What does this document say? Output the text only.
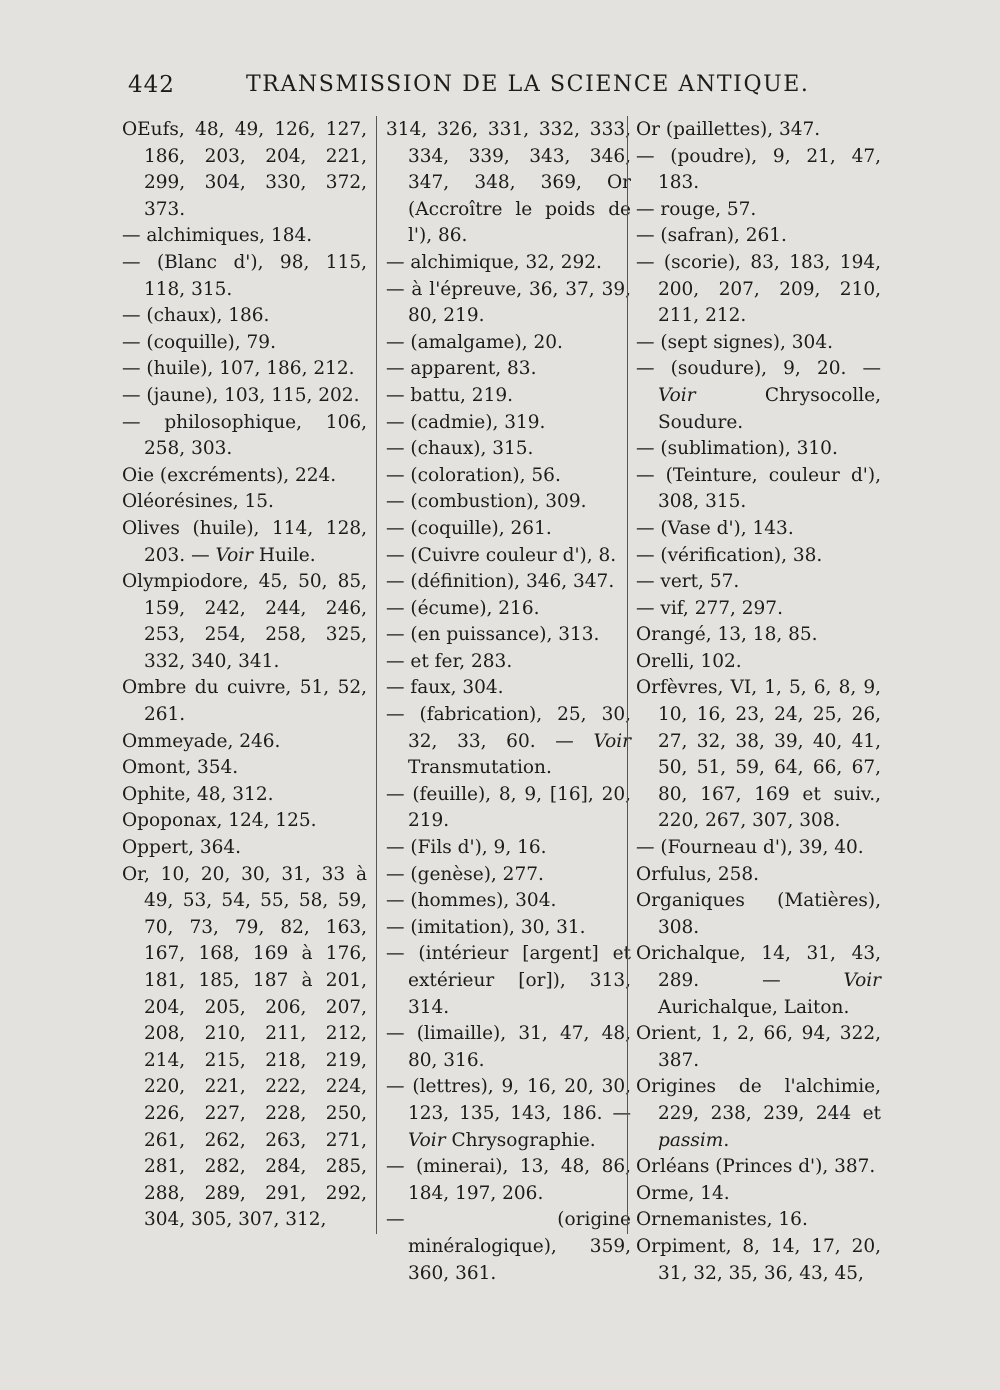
442	TRANSMISSION DE LA SCIENCE ANTIQUE.
OEufs, 48, 49, 126, 127, 186, 203, 204, 221, 299, 304, 330, 372, 373.
— alchimiques, 184.
— (Blanc d'), 98, 115, 118, 315.
— (chaux), 186.
— (coquille), 79.
— (huile), 107, 186, 212.
— (jaune), 103, 115, 202.
— philosophique, 106, 258, 303.
Oie (excréments), 224.
Oléorésines, 15.
Olives (huile), 114, 128, 203. — Voir Huile.
Olympiodore, 45, 50, 85, 159, 242, 244, 246, 253, 254, 258, 325, 332, 340, 341.
Ombre du cuivre, 51, 52, 261.
Ommeyade, 246.
Omont, 354.
Ophite, 48, 312.
Opoponax, 124, 125.
Oppert, 364.
Or, 10, 20, 30, 31, 33 à 49, 53, 54, 55, 58, 59, 70, 73, 79, 82, 163, 167, 168, 169 à 176, 181, 185, 187 à 201, 204, 205, 206, 207, 208, 210, 211, 212, 214, 215, 218, 219, 220, 221, 222, 224, 226, 227, 228, 250, 261, 262, 263, 271, 281, 282, 284, 285, 288, 289, 291, 292, 304, 305, 307, 312,
314, 326, 331, 332, 333, 334, 339, 343, 346, 347, 348, 369, Or (Accroître le poids de l'), 86.
— alchimique, 32, 292.
— à l'épreuve, 36, 37, 39, 80, 219.
— (amalgame), 20.
— apparent, 83.
— battu, 219.
— (cadmie), 319.
— (chaux), 315.
— (coloration), 56.
— (combustion), 309.
— (coquille), 261.
— (Cuivre couleur d'), 8.
— (définition), 346, 347.
— (écume), 216.
— (en puissance), 313.
— et fer, 283.
— faux, 304.
— (fabrication), 25, 30, 32, 33, 60. — Voir Transmutation.
— (feuille), 8, 9, [16], 20, 219.
— (Fils d'), 9, 16.
— (genèse), 277.
— (hommes), 304.
— (imitation), 30, 31.
— (intérieur [argent] et extérieur [or]), 313, 314.
— (limaille), 31, 47, 48, 80, 316.
— (lettres), 9, 16, 20, 30, 123, 135, 143, 186. — Voir Chrysographie.
— (minerai), 13, 48, 86, 184, 197, 206.
— (origine minéralogique), 359, 360, 361.
Or (paillettes), 347.
— (poudre), 9, 21, 47, 183.
— rouge, 57.
— (safran), 261.
— (scorie), 83, 183, 194, 200, 207, 209, 210, 211, 212.
— (sept signes), 304.
— (soudure), 9, 20. — Voir Chrysocolle, Soudure.
— (sublimation), 310.
— (Teinture, couleur d'), 308, 315.
— (Vase d'), 143.
— (vérification), 38.
— vert, 57.
— vif, 277, 297.
Orangé, 13, 18, 85.
Orelli, 102.
Orfèvres, VI, 1, 5, 6, 8, 9, 10, 16, 23, 24, 25, 26, 27, 32, 38, 39, 40, 41, 50, 51, 59, 64, 66, 67, 80, 167, 169 et suiv., 220, 267, 307, 308.
— (Fourneau d'), 39, 40.
Orfulus, 258.
Organiques (Matières), 308.
Orichalque, 14, 31, 43, 289. — Voir Aurichalque, Laiton.
Orient, 1, 2, 66, 94, 322, 387.
Origines de l'alchimie, 229, 238, 239, 244 et passim.
Orléans (Princes d'), 387.
Orme, 14.
Ornemanistes, 16.
Orpiment, 8, 14, 17, 20, 31, 32, 35, 36, 43, 45,
